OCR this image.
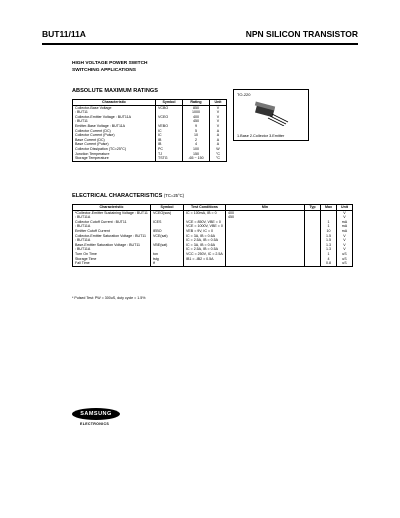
BUT11/11A	NPN SILICON TRANSISTOR
HIGH VOLTAGE POWER SWITCH
SWITCHING APPLICATIONS
ABSOLUTE MAXIMUM RATINGS
Characteristic	Symbol	Rating	Unit
Collector-Base Voltage	VCBO	850	V
: BUT11		1000	V
Collector-Emitter Voltage : BUT11A	VCEO	400	V
: BUT11		450	V
Emitter-Base Voltage : BUT11A	VEBO	9	V
Collector Current (DC)	IC	5	A
Collector Current (Pulse)	IC	10	A
Base Current (DC)	IB	2	A
Base Current (Pulse)	IB	4	A
Collector Dissipation (TC=25°C)	PC	100	W
Junction Temperature	TJ	150	°C
Storage Temperature	TSTG	-65 ~ 150	°C
TO-220
1.Base 2.Collector 3.Emitter
ELECTRICAL CHARACTERISTICS (TC=25°C)
Characteristic	Symbol	Test Conditions	Min	Typ	Max	Unit
*Collector-Emitter Sustaining Voltage : BUT11	VCEO(sus)	IC = 100mA, IB = 0	400			V
: BUT11A			450			V
Collector Cutoff Current : BUT11	ICES	VCE = 850V, VBE = 0			1	mA
: BUT11A		VCE = 1000V, VBE = 0			1	mA
Emitter Cutoff Current	IEBO	VEB = 9V, IC = 0			10	mA
Collector-Emitter Saturation Voltage : BUT11	VCE(sat)	IC = 3A, IB = 0.6A			1.5	V
: BUT11A		IC = 2.5A, IB = 0.5A			1.5	V
Base-Emitter Saturation Voltage : BUT11	VBE(sat)	IC = 3A, IB = 0.6A			1.3	V
: BUT11A		IC = 2.5A, IB = 0.5A			1.3	V
Turn On Time	ton	VCC = 250V, IC = 2.5A			1	uS
Storage Time	tstg	IB1 = -IB2 = 0.5A			4	uS
Fall Time	tf				0.8	uS
* Pulsed Test: PW = 300uS, duty cycle = 1.5%
SAMSUNG
ELECTRONICS
